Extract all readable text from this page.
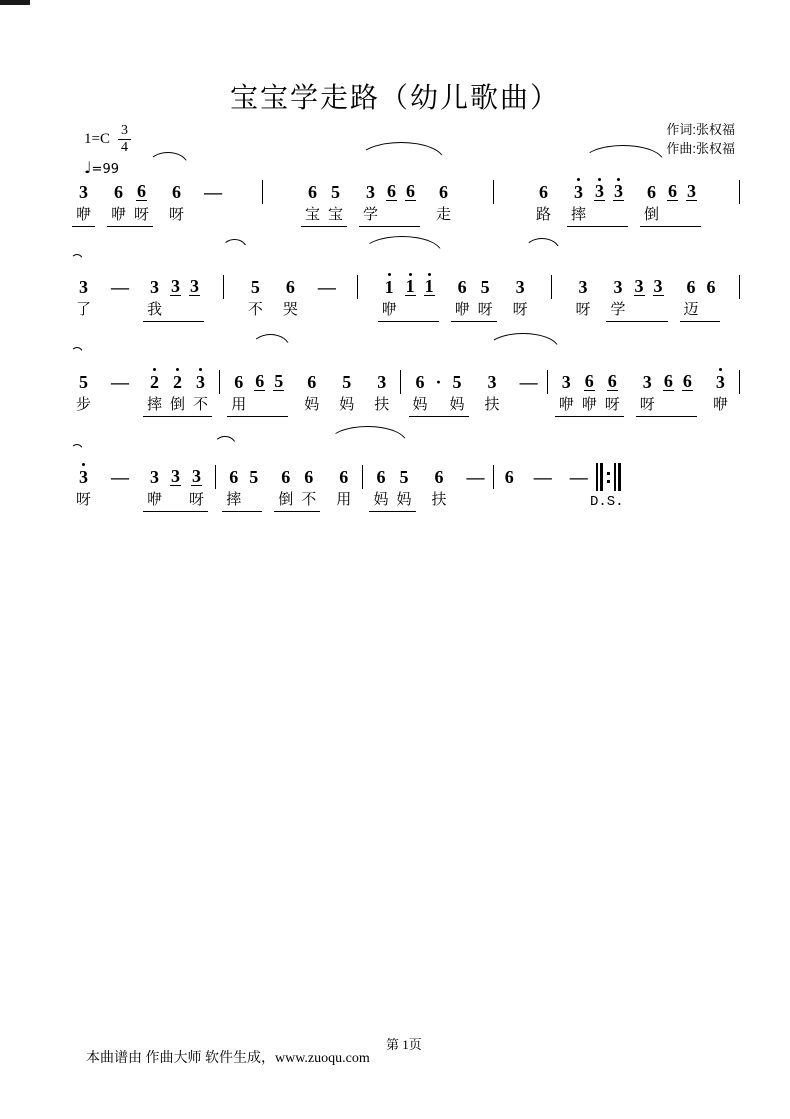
宝宝学走路（幼儿歌曲）
$1=C \frac{3}{4}$
♩=99
作词:张权福
作曲:张权福
3
咿
6
咿
6
呀
6
呀
—	6
宝
5
宝
3
学
6 6 6
走
6
路
3
摔
3 3 6
倒
6 3
3
了
— 3
我
3 3	5
不
6
哭
—	1
咿
1 1 6
咿
5
呀
3
呀
3
呀
3
学
3 3 6
迈
6
5
步
— 2
摔
2
倒
3
不
6
用
6 5 6
妈
5
妈
3
扶
6
妈
· 5
妈
3
扶
— 3
咿
6
咿
6
呀
3
呀
6 6 3
咿
3
呀
— 3
咿
3 3
呀
6
摔
5 6
倒
6
不
6
用
6
妈
5
妈
6
扶
— 6 — —
D.S.
第 1页
本曲谱由 作曲大师 软件生成，www.zuoqu.com
